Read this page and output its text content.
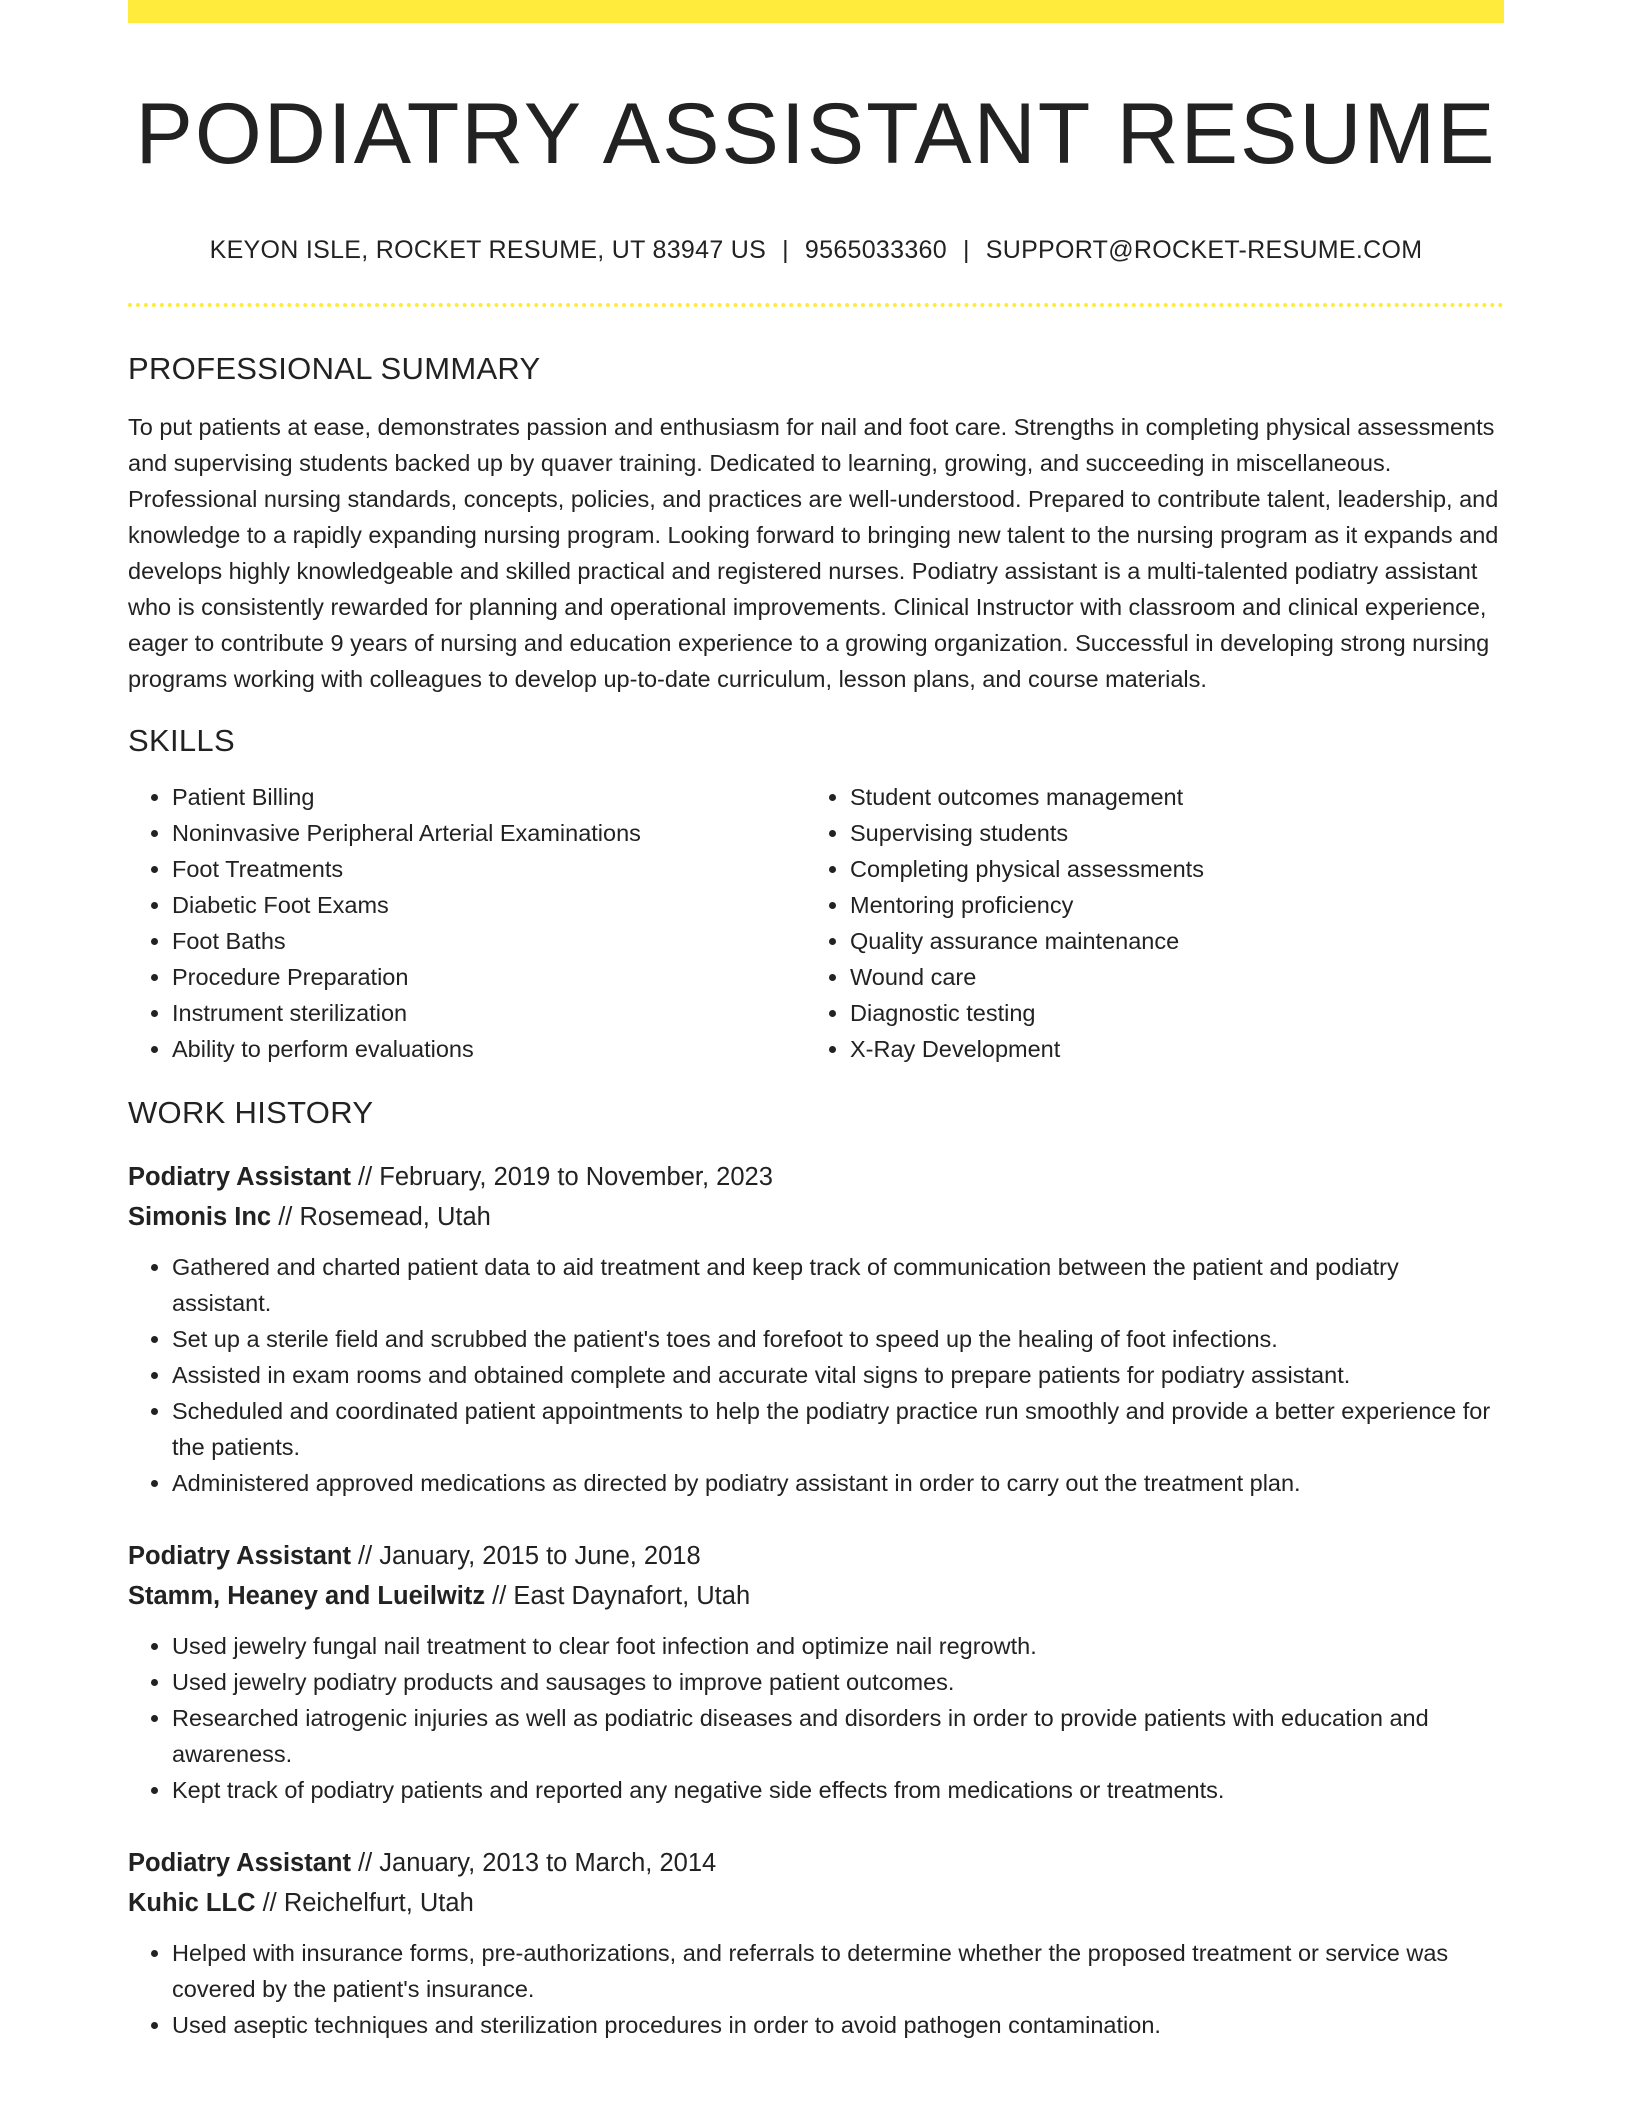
PODIATRY ASSISTANT RESUME
KEYON ISLE, ROCKET RESUME, UT 83947 US | 9565033360 | SUPPORT@ROCKET-RESUME.COM
PROFESSIONAL SUMMARY

To put patients at ease, demonstrates passion and enthusiasm for nail and foot care. Strengths in completing physical assessments and supervising students backed up by quaver training. Dedicated to learning, growing, and succeeding in miscellaneous. Professional nursing standards, concepts, policies, and practices are well-understood. Prepared to contribute talent, leadership, and knowledge to a rapidly expanding nursing program. Looking forward to bringing new talent to the nursing program as it expands and develops highly knowledgeable and skilled practical and registered nurses. Podiatry assistant is a multi-talented podiatry assistant who is consistently rewarded for planning and operational improvements. Clinical Instructor with classroom and clinical experience, eager to contribute 9 years of nursing and education experience to a growing organization. Successful in developing strong nursing programs working with colleagues to develop up-to-date curriculum, lesson plans, and course materials.

SKILLS
• Patient Billing
• Noninvasive Peripheral Arterial Examinations
• Foot Treatments
• Diabetic Foot Exams
• Foot Baths
• Procedure Preparation
• Instrument sterilization
• Ability to perform evaluations
• Student outcomes management
• Supervising students
• Completing physical assessments
• Mentoring proficiency
• Quality assurance maintenance
• Wound care
• Diagnostic testing
• X-Ray Development
WORK HISTORY
Podiatry Assistant // February, 2019 to November, 2023
Simonis Inc // Rosemead, Utah
• Gathered and charted patient data to aid treatment and keep track of communication between the patient and podiatry assistant.
• Set up a sterile field and scrubbed the patient's toes and forefoot to speed up the healing of foot infections.
• Assisted in exam rooms and obtained complete and accurate vital signs to prepare patients for podiatry assistant.
• Scheduled and coordinated patient appointments to help the podiatry practice run smoothly and provide a better experience for the patients.
• Administered approved medications as directed by podiatry assistant in order to carry out the treatment plan.
Podiatry Assistant // January, 2015 to June, 2018
Stamm, Heaney and Lueilwitz // East Daynafort, Utah
• Used jewelry fungal nail treatment to clear foot infection and optimize nail regrowth.
• Used jewelry podiatry products and sausages to improve patient outcomes.
• Researched iatrogenic injuries as well as podiatric diseases and disorders in order to provide patients with education and awareness.
• Kept track of podiatry patients and reported any negative side effects from medications or treatments.
Podiatry Assistant // January, 2013 to March, 2014
Kuhic LLC // Reichelfurt, Utah
• Helped with insurance forms, pre-authorizations, and referrals to determine whether the proposed treatment or service was covered by the patient's insurance.
• Used aseptic techniques and sterilization procedures in order to avoid pathogen contamination.
